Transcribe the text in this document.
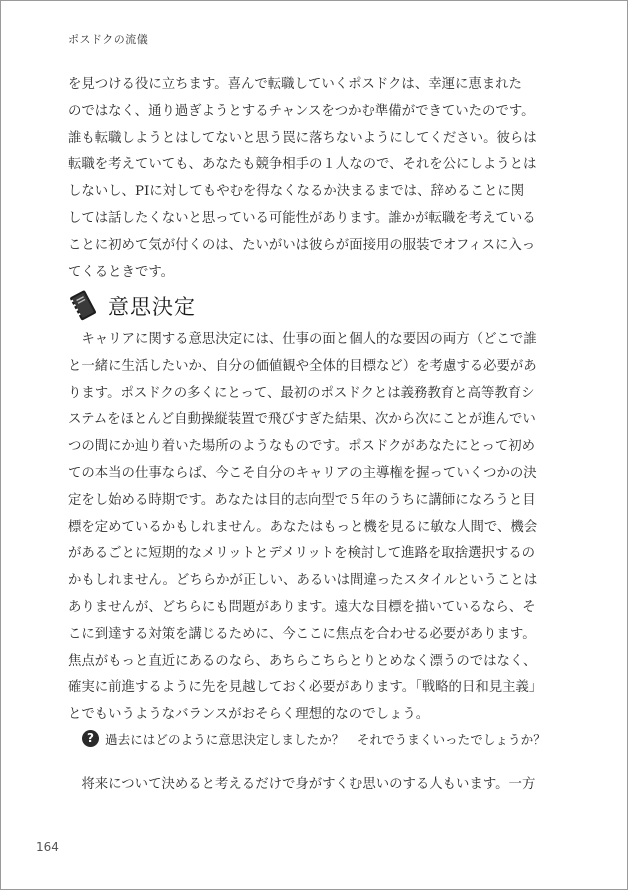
ポスドクの流儀
を見つける役に立ちます。喜んで転職していくポスドクは、幸運に恵まれた
のではなく、通り過ぎようとするチャンスをつかむ準備ができていたのです。
誰も転職しようとはしてないと思う罠に落ちないようにしてください。彼らは
転職を考えていても、あなたも競争相手の１人なので、それを公にしようとは
しないし、PIに対してもやむを得なくなるか決まるまでは、辞めることに関
しては話したくないと思っている可能性があります。誰かが転職を考えている
ことに初めて気が付くのは、たいがいは彼らが面接用の服装でオフィスに入っ
てくるときです。
意思決定
　キャリアに関する意思決定には、仕事の面と個人的な要因の両方（どこで誰
と一緒に生活したいか、自分の価値観や全体的目標など）を考慮する必要があ
ります。ポスドクの多くにとって、最初のポスドクとは義務教育と高等教育シ
ステムをほとんど自動操縦装置で飛びすぎた結果、次から次にことが進んでい
つの間にか辿り着いた場所のようなものです。ポスドクがあなたにとって初め
ての本当の仕事ならば、今こそ自分のキャリアの主導権を握っていくつかの決
定をし始める時期です。あなたは目的志向型で５年のうちに講師になろうと目
標を定めているかもしれません。あなたはもっと機を見るに敏な人間で、機会
があるごとに短期的なメリットとデメリットを検討して進路を取捨選択するの
かもしれません。どちらかが正しい、あるいは間違ったスタイルということは
ありませんが、どちらにも問題があります。遠大な目標を描いているなら、そ
こに到達する対策を講じるために、今ここに焦点を合わせる必要があります。
焦点がもっと直近にあるのなら、あちらこちらとりとめなく漂うのではなく、
確実に前進するように先を見越しておく必要があります。「戦略的日和見主義」
とでもいうようなバランスがおそらく理想的なのでしょう。
? 過去にはどのように意思決定しましたか？　それでうまくいったでしょうか？
　将来について決めると考えるだけで身がすくむ思いのする人もいます。一方
164
